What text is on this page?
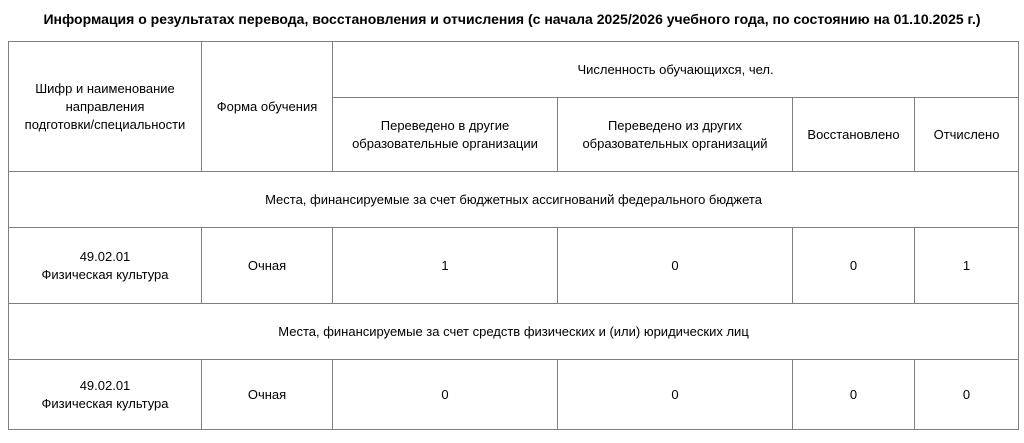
Информация о результатах перевода, восстановления и отчисления (с начала 2025/2026 учебного года, по состоянию на 01.10.2025 г.)
Шифр и наименование
направления
подготовки/специальности	Форма обучения	Численность обучающихся, чел.			

		Переведено в другие
образовательные организации	Переведено из других
образовательных организаций	Восстановлено	Отчислено
Места, финансируемые за счет бюджетных ассигнований федерального бюджета					

49.02.01
Физическая культура	Очная	1	0	0	1
Места, финансируемые за счет средств физических и (или) юридических лиц					

49.02.01
Физическая культура	Очная	0	0	0	0
